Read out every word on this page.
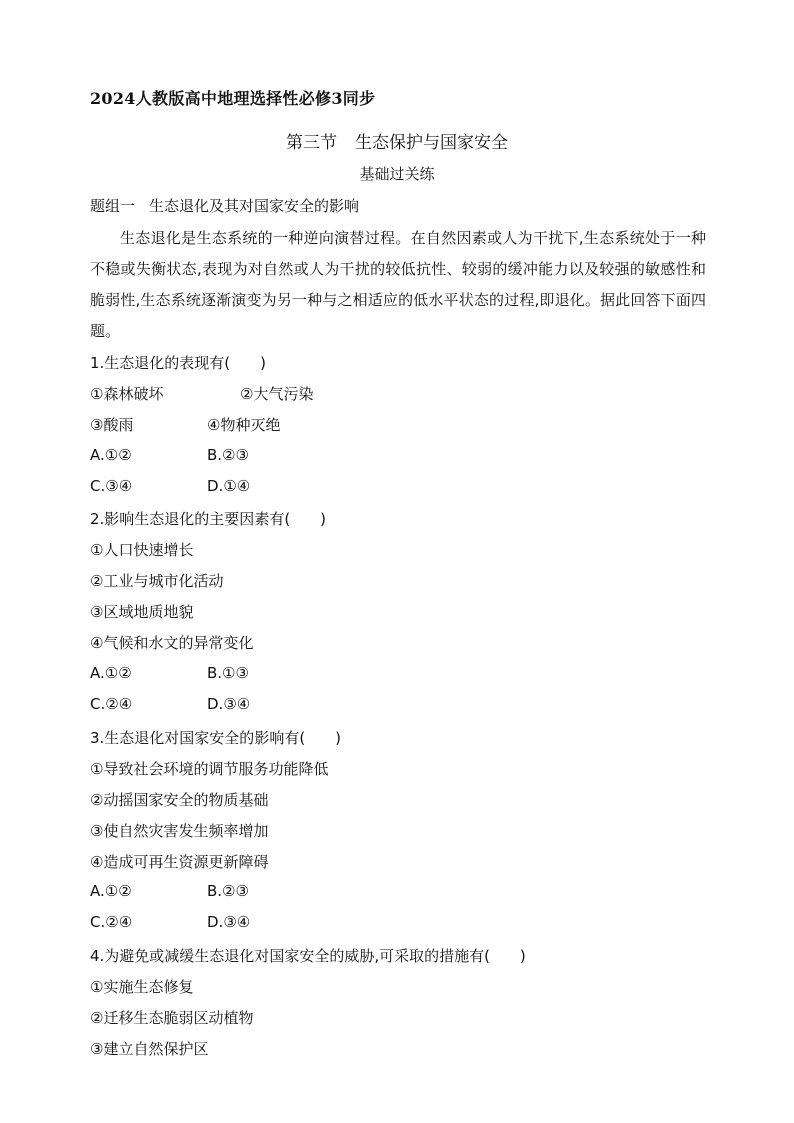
2024人教版高中地理选择性必修3同步
第三节 生态保护与国家安全
基础过关练
题组一 生态退化及其对国家安全的影响

生态退化是生态系统的一种逆向演替过程。在自然因素或人为干扰下,生态系统处于一种不稳或失衡状态,表现为对自然或人为干扰的较低抗性、较弱的缓冲能力以及较强的敏感性和脆弱性,生态系统逐渐演变为另一种与之相适应的低水平状态的过程,即退化。据此回答下面四题。

1.生态退化的表现有(　　)
①森林破坏	②大气污染
③酸雨	④物种灭绝
A.①②	B.②③
C.③④	D.①④
2.影响生态退化的主要因素有(　　)
①人口快速增长
②工业与城市化活动
③区域地质地貌
④气候和水文的异常变化
A.①②	B.①③
C.②④	D.③④
3.生态退化对国家安全的影响有(　　)
①导致社会环境的调节服务功能降低
②动摇国家安全的物质基础
③使自然灾害发生频率增加
④造成可再生资源更新障碍
A.①②	B.②③
C.②④	D.③④
4.为避免或减缓生态退化对国家安全的威胁,可采取的措施有(　　)
①实施生态修复
②迁移生态脆弱区动植物
③建立自然保护区
